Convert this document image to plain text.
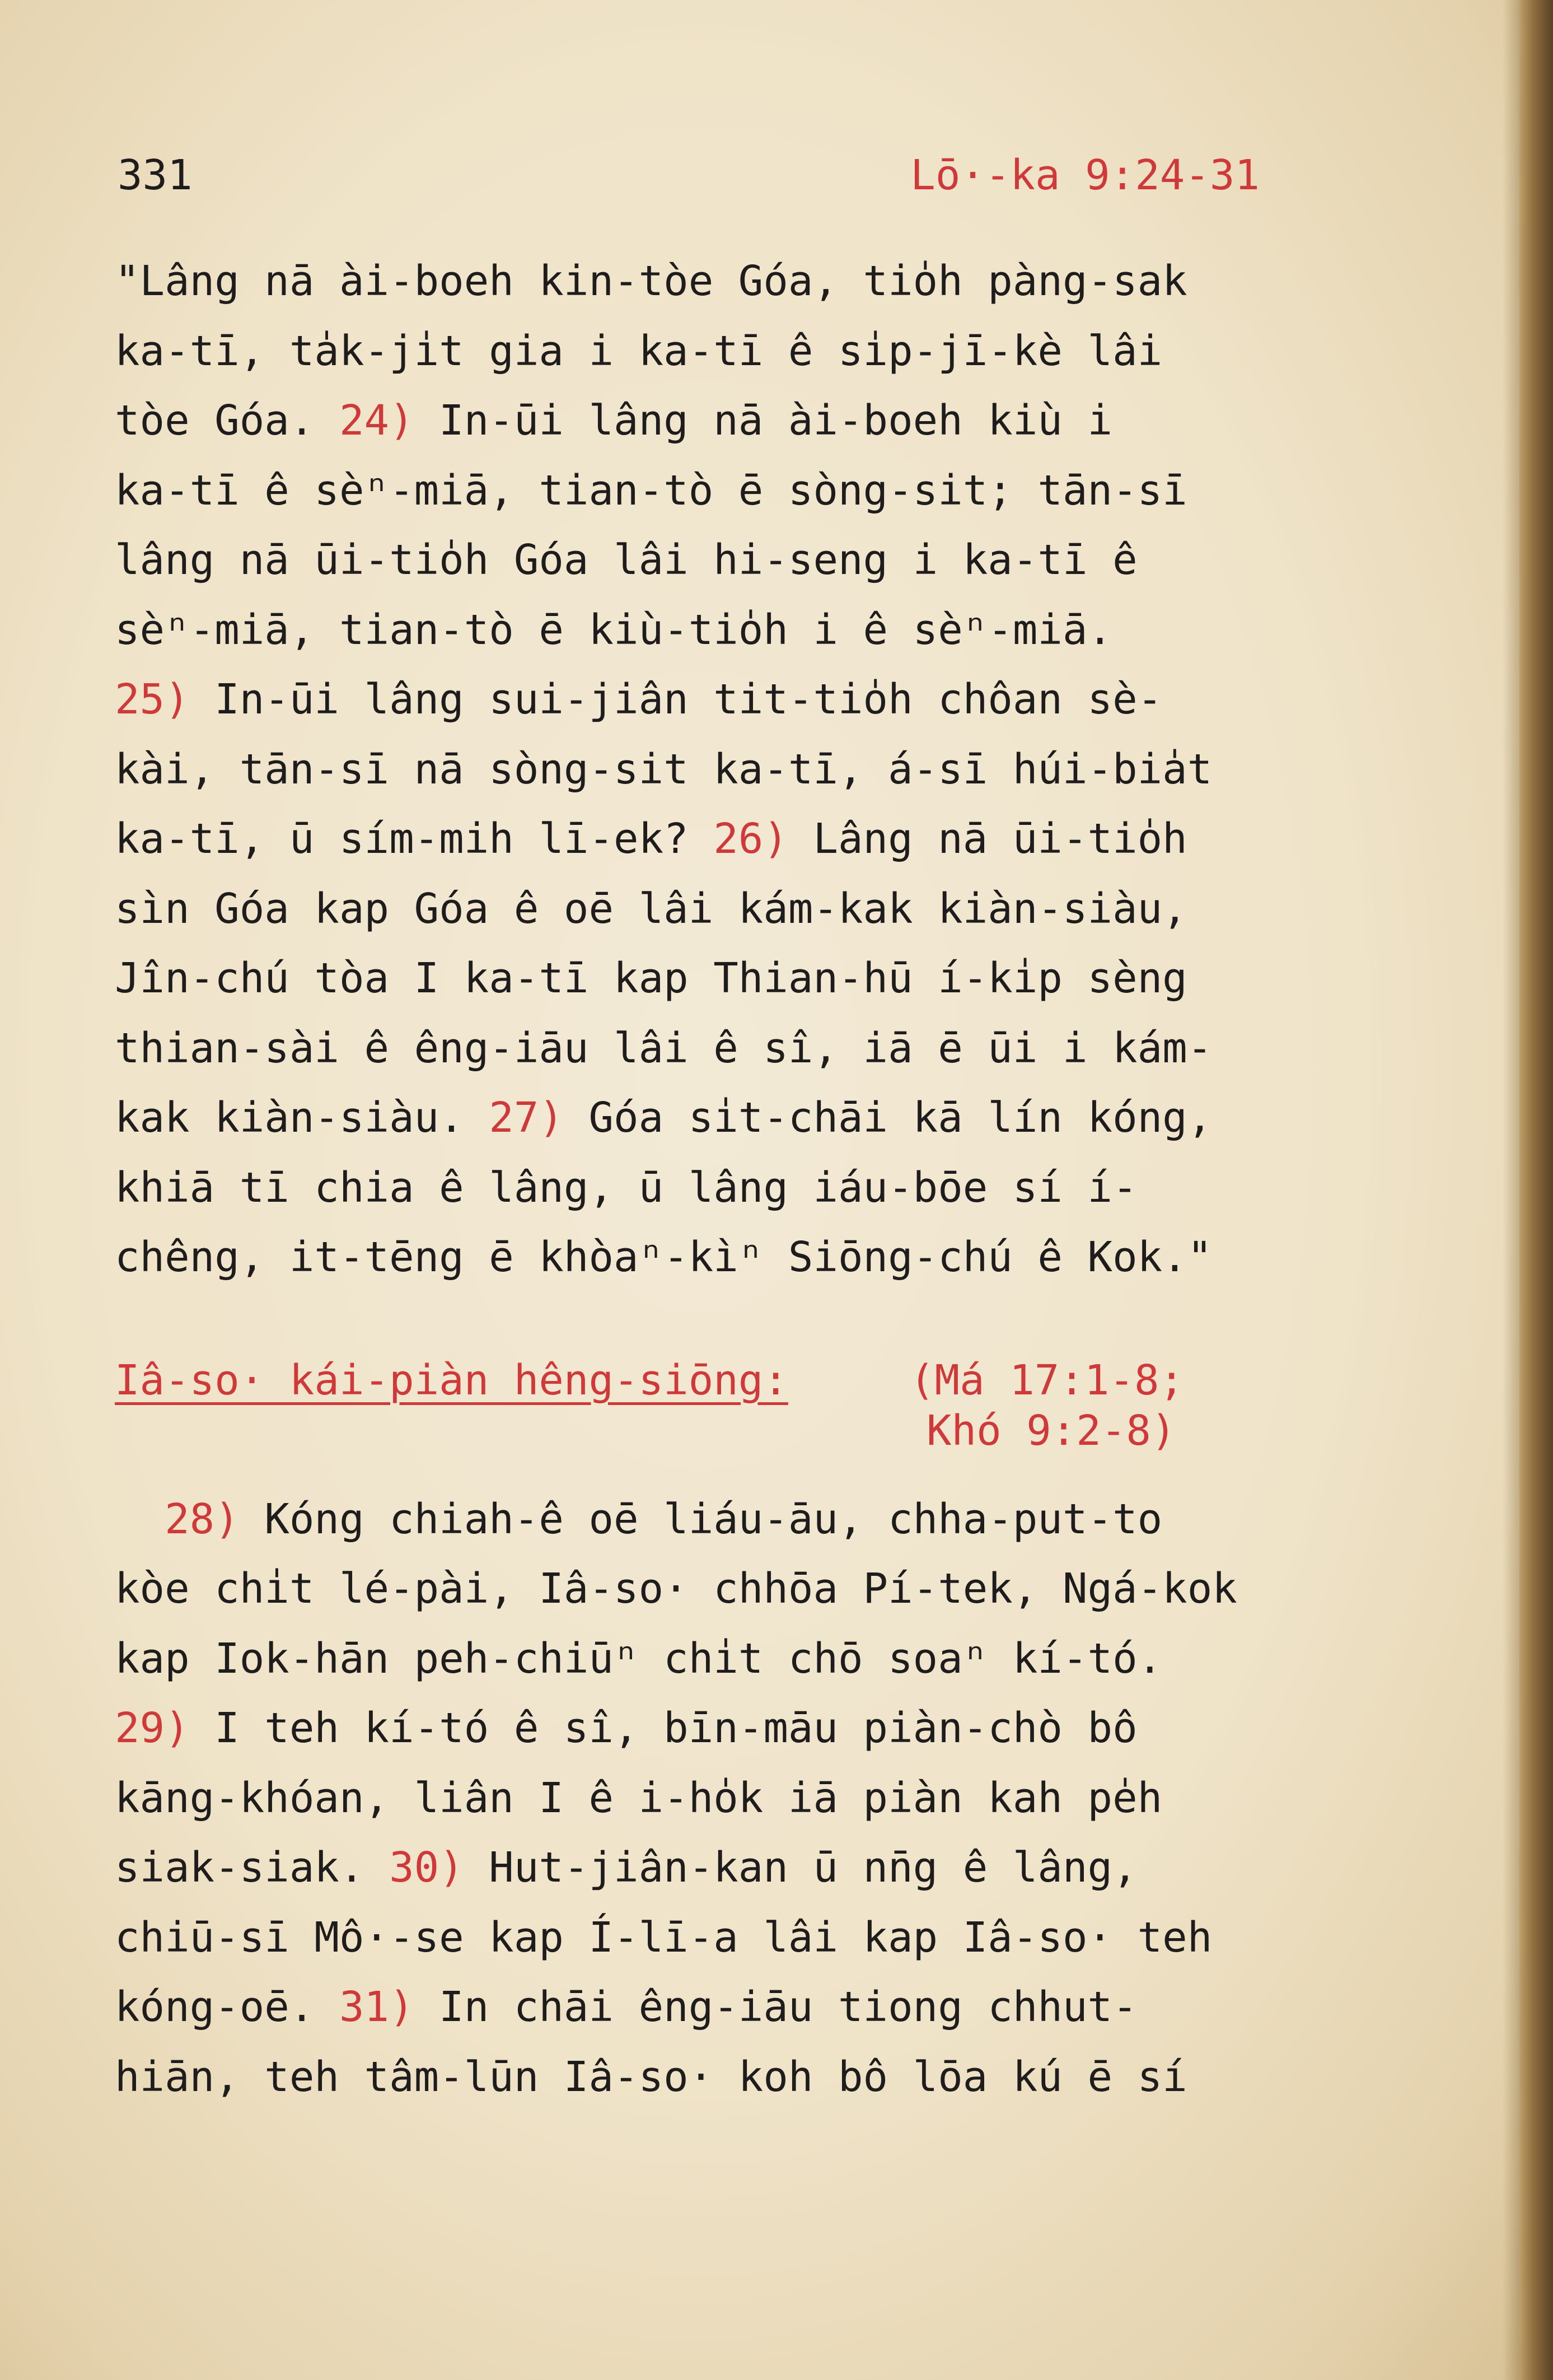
331	Lō·-ka 9:24-31
"Lâng nā ài-boeh kin-tòe Góa, tio̍h pàng-sak
ka-tī, ta̍k-ji̍t gia i ka-tī ê si̍p-jī-kè lâi
tòe Góa. 24) In-ūi lâng nā ài-boeh kiù i
ka-tī ê sèⁿ-miā, tian-tò ē sòng-sit; tān-sī
lâng nā ūi-tio̍h Góa lâi hi-seng i ka-tī ê
sèⁿ-miā, tian-tò ē kiù-tio̍h i ê sèⁿ-miā.
25) In-ūi lâng sui-jiân tit-tio̍h chôan sè-
kài, tān-sī nā sòng-sit ka-tī, á-sī húi-bia̍t
ka-tī, ū sím-mih lī-ek? 26) Lâng nā ūi-tio̍h
sìn Góa kap Góa ê oē lâi kám-kak kiàn-siàu,
Jîn-chú tòa I ka-tī kap Thian-hū í-ki̍p sèng
thian-sài ê êng-iāu lâi ê sî, iā ē ūi i kám-
kak kiàn-siàu. 27) Góa si̍t-chāi kā lín kóng,
khiā tī chia ê lâng, ū lâng iáu-bōe sí í-
chêng, it-tēng ē khòaⁿ-kìⁿ Siōng-chú ê Kok."
Iâ-so· kái-piàn hêng-siōng:	(Má 17:1-8;
Khó 9:2-8)
28) Kóng chiah-ê oē liáu-āu, chha-put-to
kòe chi̍t lé-pài, Iâ-so· chhōa Pí-tek, Ngá-kok
kap Iok-hān peh-chiūⁿ chi̍t chō soaⁿ kí-tó.
29) I teh kí-tó ê sî, bīn-māu piàn-chò bô
kāng-khóan, liân I ê i-ho̍k iā piàn kah pe̍h
siak-siak. 30) Hut-jiân-kan ū nn̄g ê lâng,
chiū-sī Mô·-se kap Í-lī-a lâi kap Iâ-so· teh
kóng-oē. 31) In chāi êng-iāu tiong chhut-
hiān, teh tâm-lūn Iâ-so· koh bô lōa kú ē sí
